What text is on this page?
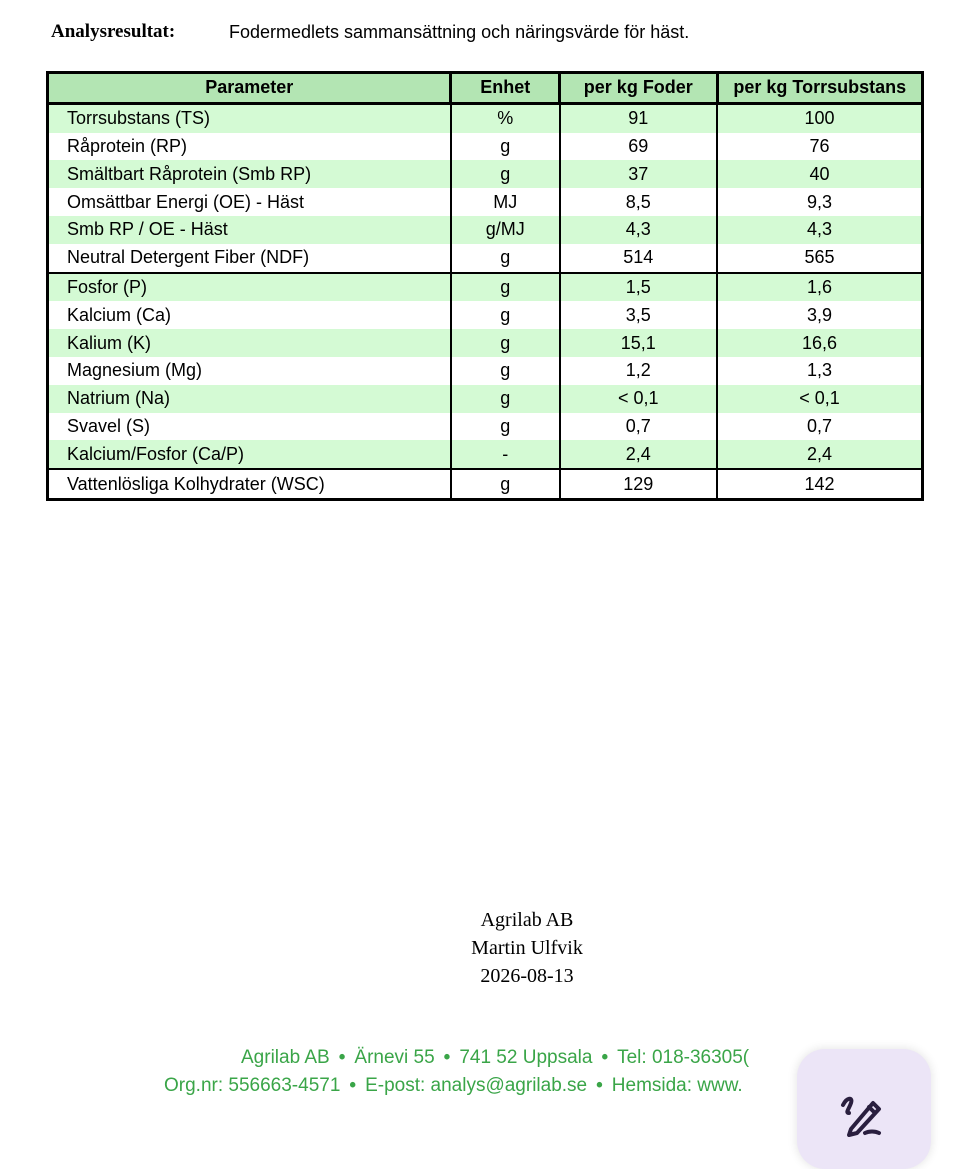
Analysresultat:	Fodermedlets sammansättning och näringsvärde för häst.
Parameter	Enhet	per kg Foder	per kg Torrsubstans
Torrsubstans (TS)	%	91	100
Råprotein (RP)	g	69	76
Smältbart Råprotein (Smb RP)	g	37	40
Omsättbar Energi (OE) - Häst	MJ	8,5	9,3
Smb RP / OE - Häst	g/MJ	4,3	4,3
Neutral Detergent Fiber (NDF)	g	514	565
Fosfor (P)	g	1,5	1,6
Kalcium (Ca)	g	3,5	3,9
Kalium (K)	g	15,1	16,6
Magnesium (Mg)	g	1,2	1,3
Natrium (Na)	g	< 0,1	< 0,1
Svavel (S)	g	0,7	0,7
Kalcium/Fosfor (Ca/P)	-	2,4	2,4
Vattenlösliga Kolhydrater (WSC)	g	129	142
Agrilab AB
Martin Ulfvik
2026-08-13
Agrilab AB • Ärnevi 55 • 741 52 Uppsala • Tel: 018-36305(
Org.nr: 556663-4571 • E-post: analys@agrilab.se • Hemsida: www.
